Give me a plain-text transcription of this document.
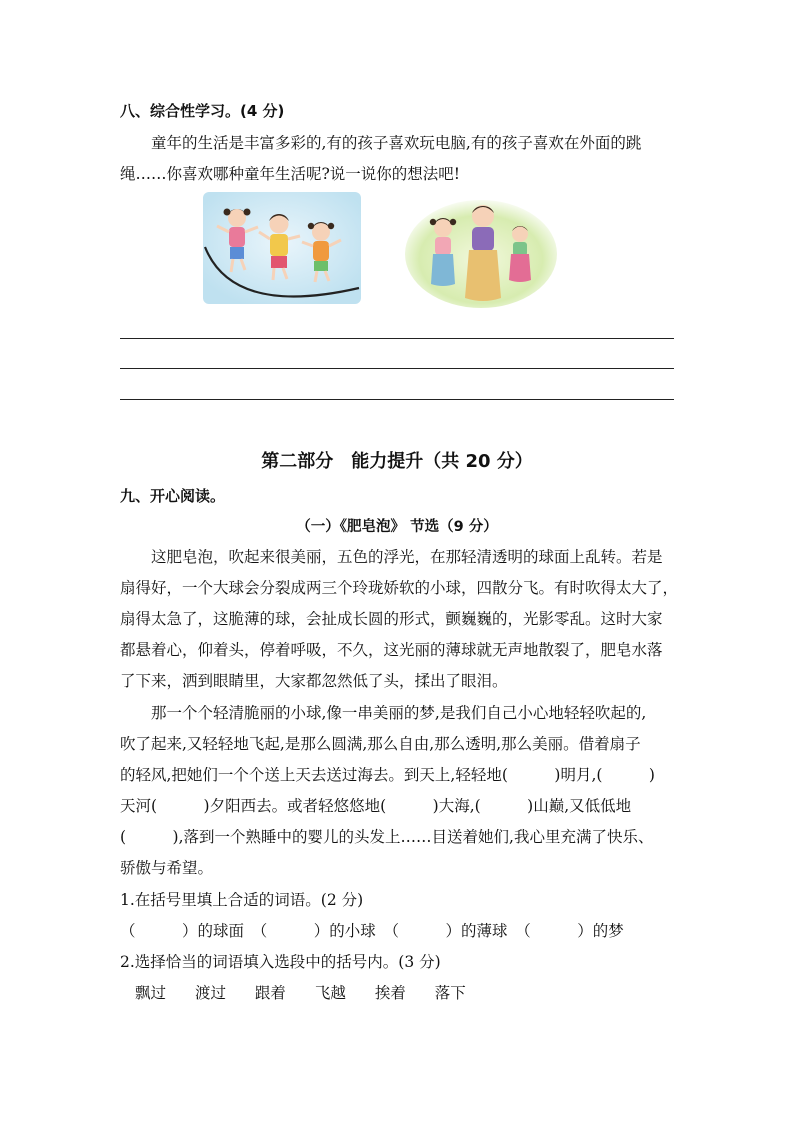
八、综合性学习。(4 分)
童年的生活是丰富多彩的,有的孩子喜欢玩电脑,有的孩子喜欢在外面的跳
绳……你喜欢哪种童年生活呢?说一说你的想法吧!
第二部分　能力提升（共 20 分）
九、开心阅读。
（一）《肥皂泡》 节选（9 分）
这肥皂泡，吹起来很美丽，五色的浮光，在那轻清透明的球面上乱转。若是
扇得好，一个大球会分裂成两三个玲珑娇软的小球，四散分飞。有时吹得太大了，
扇得太急了，这脆薄的球，会扯成长圆的形式，颤巍巍的，光影零乱。这时大家
都悬着心，仰着头，停着呼吸，不久，这光丽的薄球就无声地散裂了，肥皂水落
了下来，洒到眼睛里，大家都忽然低了头，揉出了眼泪。
那一个个轻清脆丽的小球,像一串美丽的梦,是我们自己小心地轻轻吹起的,
吹了起来,又轻轻地飞起,是那么圆满,那么自由,那么透明,那么美丽。借着扇子
的轻风,把她们一个个送上天去送过海去。到天上,轻轻地(　　　)明月,(　　　)
天河(　　　)夕阳西去。或者轻悠悠地(　　　)大海,(　　　)山巅,又低低地
(　　　),落到一个熟睡中的婴儿的头发上……目送着她们,我心里充满了快乐、
骄傲与希望。
1.在括号里填上合适的词语。(2 分)
（　　　）的球面　（　　　）的小球　（　　　）的薄球　（　　　）的梦
2.选择恰当的词语填入选段中的括号内。(3 分)
飘过 渡过 跟着 飞越 挨着 落下
